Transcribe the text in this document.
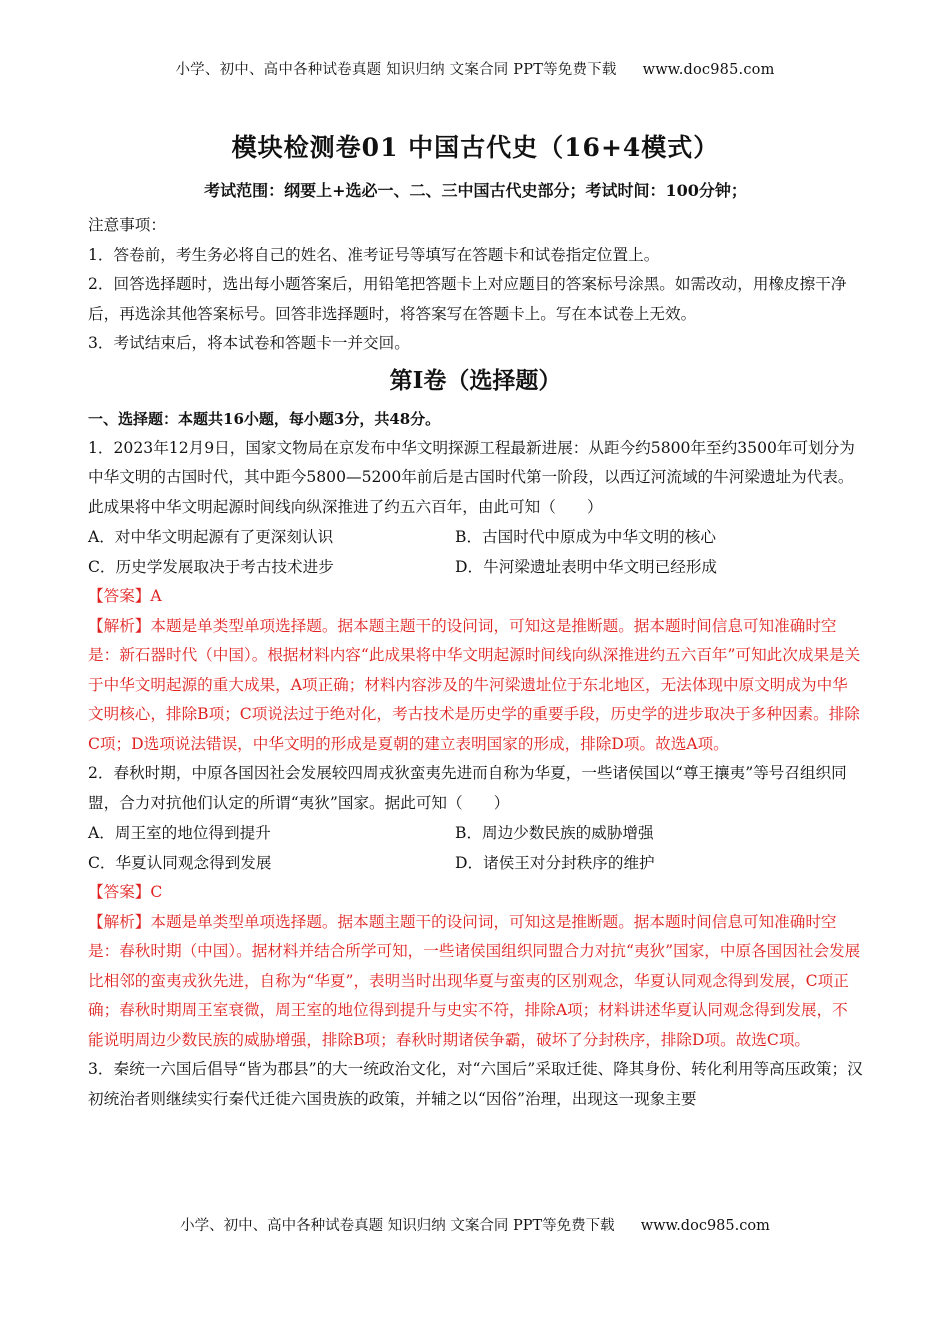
小学、初中、高中各种试卷真题 知识归纳 文案合同 PPT等免费下载 www.doc985.com
模块检测卷01 中国古代史（16+4模式）
考试范围：纲要上+选必一、二、三中国古代史部分；考试时间：100分钟；

注意事项：

1．答卷前，考生务必将自己的姓名、准考证号等填写在答题卡和试卷指定位置上。

2．回答选择题时，选出每小题答案后，用铅笔把答题卡上对应题目的答案标号涂黑。如需改动，用橡皮擦干净后，再选涂其他答案标号。回答非选择题时，将答案写在答题卡上。写在本试卷上无效。

3．考试结束后，将本试卷和答题卡一并交回。

第I卷（选择题）
一、选择题：本题共16小题，每小题3分，共48分。

1．2023年12月9日，国家文物局在京发布中华文明探源工程最新进展：从距今约5800年至约3500年可划分为中华文明的古国时代，其中距今5800—5200年前后是古国时代第一阶段，以西辽河流域的牛河梁遗址为代表。此成果将中华文明起源时间线向纵深推进了约五六百年，由此可知（　　）

A．对中华文明起源有了更深刻认识	B．古国时代中原成为中华文明的核心
C．历史学发展取决于考古技术进步	D．牛河梁遗址表明中华文明已经形成

【答案】A

【解析】本题是单类型单项选择题。据本题主题干的设问词，可知这是推断题。据本题时间信息可知准确时空是：新石器时代（中国）。根据材料内容“此成果将中华文明起源时间线向纵深推进约五六百年”可知此次成果是关于中华文明起源的重大成果，A项正确；材料内容涉及的牛河梁遗址位于东北地区，无法体现中原文明成为中华文明核心，排除B项；C项说法过于绝对化，考古技术是历史学的重要手段，历史学的进步取决于多种因素。排除C项；D选项说法错误，中华文明的形成是夏朝的建立表明国家的形成，排除D项。故选A项。

2．春秋时期，中原各国因社会发展较四周戎狄蛮夷先进而自称为华夏，一些诸侯国以“尊王攘夷”等号召组织同盟，合力对抗他们认定的所谓“夷狄”国家。据此可知（　　）

A．周王室的地位得到提升	B．周边少数民族的威胁增强
C．华夏认同观念得到发展	D．诸侯王对分封秩序的维护

【答案】C

【解析】本题是单类型单项选择题。据本题主题干的设问词，可知这是推断题。据本题时间信息可知准确时空是：春秋时期（中国）。据材料并结合所学可知，一些诸侯国组织同盟合力对抗“夷狄”国家，中原各国因社会发展比相邻的蛮夷戎狄先进，自称为“华夏”，表明当时出现华夏与蛮夷的区别观念，华夏认同观念得到发展，C项正确；春秋时期周王室衰微，周王室的地位得到提升与史实不符，排除A项；材料讲述华夏认同观念得到发展，不能说明周边少数民族的威胁增强，排除B项；春秋时期诸侯争霸，破坏了分封秩序，排除D项。故选C项。

3．秦统一六国后倡导“皆为郡县”的大一统政治文化，对“六国后”采取迁徙、降其身份、转化利用等高压政策；汉初统治者则继续实行秦代迁徙六国贵族的政策，并辅之以“因俗”治理，出现这一现象主要

小学、初中、高中各种试卷真题 知识归纳 文案合同 PPT等免费下载 www.doc985.com
